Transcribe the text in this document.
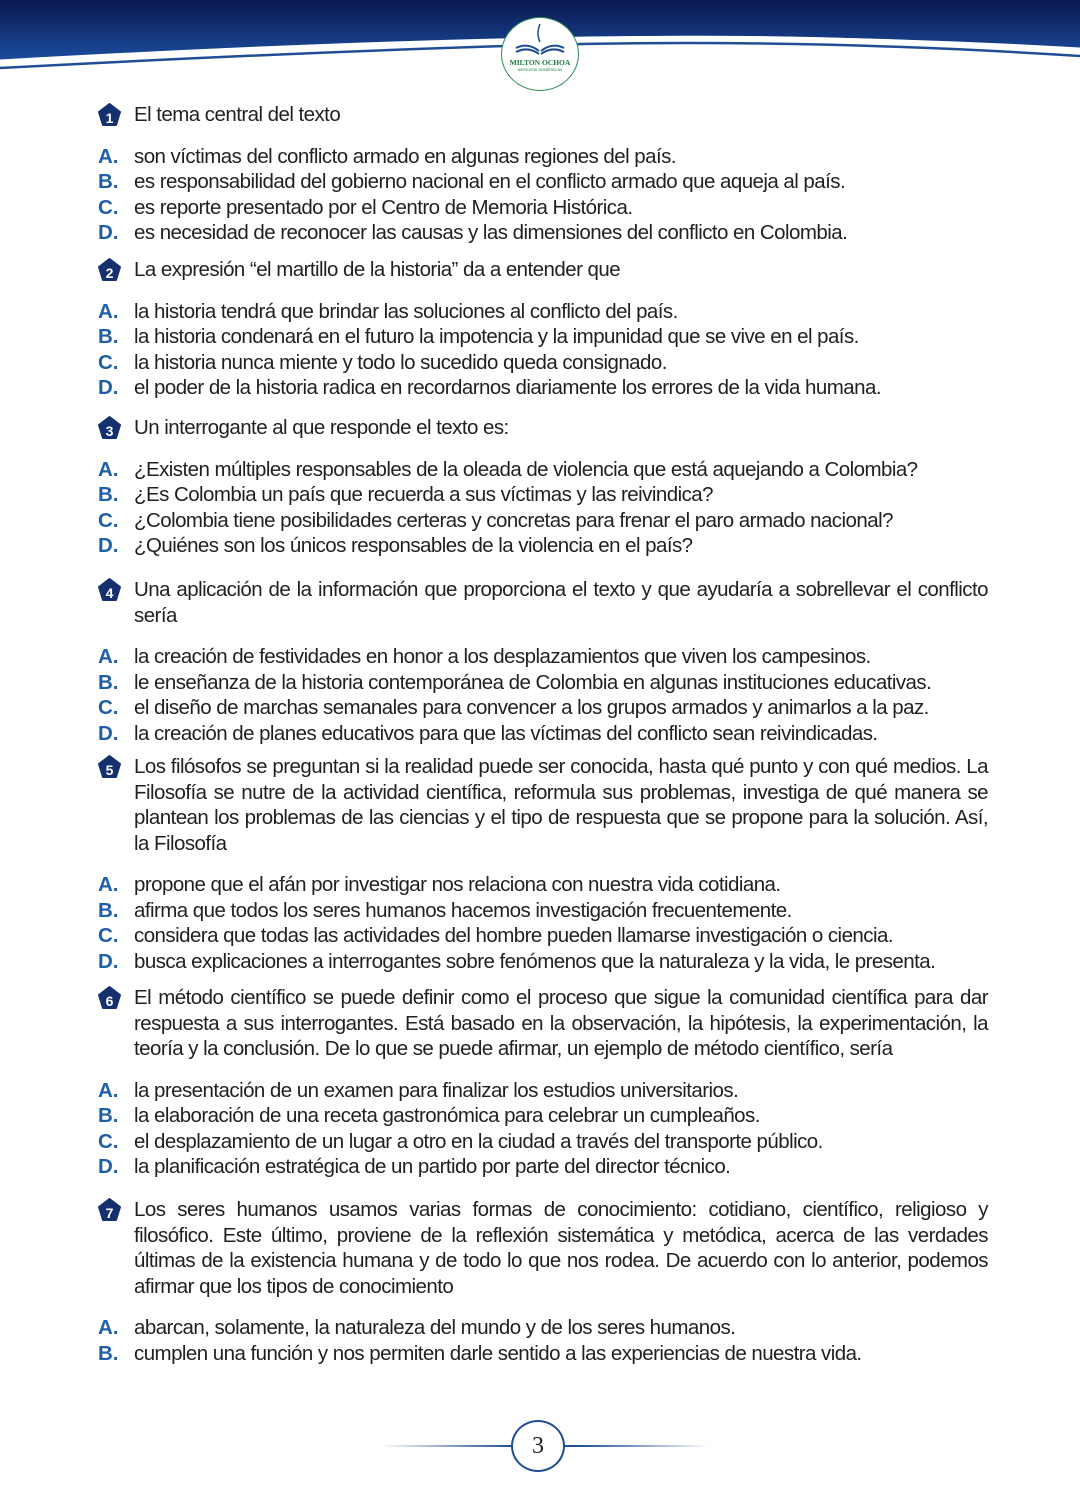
MILTON OCHOA
asesorías académicas
1	El tema central del texto
A. son víctimas del conflicto armado en algunas regiones del país.
B. es responsabilidad del gobierno nacional en el conflicto armado que aqueja al país.
C. es reporte presentado por el Centro de Memoria Histórica.
D. es necesidad de reconocer las causas y las dimensiones del conflicto en Colombia.
2	La expresión “el martillo de la historia” da a entender que
A. la historia tendrá que brindar las soluciones al conflicto del país.
B. la historia condenará en el futuro la impotencia y la impunidad que se vive en el país.
C. la historia nunca miente y todo lo sucedido queda consignado.
D. el poder de la historia radica en recordarnos diariamente los errores de la vida humana.
3	Un interrogante al que responde el texto es:
A. ¿Existen múltiples responsables de la oleada de violencia que está aquejando a Colombia?
B. ¿Es Colombia un país que recuerda a sus víctimas y las reivindica?
C. ¿Colombia tiene posibilidades certeras y concretas para frenar el paro armado nacional?
D. ¿Quiénes son los únicos responsables de la violencia en el país?
4	Una aplicación de la información que proporciona el texto y que ayudaría a sobrellevar el conflicto sería
A. la creación de festividades en honor a los desplazamientos que viven los campesinos.
B. le enseñanza de la historia contemporánea de Colombia en algunas instituciones educativas.
C. el diseño de marchas semanales para convencer a los grupos armados y animarlos a la paz.
D. la creación de planes educativos para que las víctimas del conflicto sean reivindicadas.
5	Los filósofos se preguntan si la realidad puede ser conocida, hasta qué punto y con qué medios. La Filosofía se nutre de la actividad científica, reformula sus problemas, investiga de qué manera se plantean los problemas de las ciencias y el tipo de respuesta que se propone para la solución. Así, la Filosofía
A. propone que el afán por investigar nos relaciona con nuestra vida cotidiana.
B. afirma que todos los seres humanos hacemos investigación frecuentemente.
C. considera que todas las actividades del hombre pueden llamarse investigación o ciencia.
D. busca explicaciones a interrogantes sobre fenómenos que la naturaleza y la vida, le presenta.
6	El método científico se puede definir como el proceso que sigue la comunidad científica para dar respuesta a sus interrogantes. Está basado en la observación, la hipótesis, la experimentación, la teoría y la conclusión. De lo que se puede afirmar, un ejemplo de método científico, sería
A. la presentación de un examen para finalizar los estudios universitarios.
B. la elaboración de una receta gastronómica para celebrar un cumpleaños.
C. el desplazamiento de un lugar a otro en la ciudad a través del transporte público.
D. la planificación estratégica de un partido por parte del director técnico.
7	Los seres humanos usamos varias formas de conocimiento: cotidiano, científico, religioso y filosófico. Este último, proviene de la reflexión sistemática y metódica, acerca de las verdades últimas de la existencia humana y de todo lo que nos rodea. De acuerdo con lo anterior, podemos afirmar que los tipos de conocimiento
A. abarcan, solamente, la naturaleza del mundo y de los seres humanos.
B. cumplen una función y nos permiten darle sentido a las experiencias de nuestra vida.
3
